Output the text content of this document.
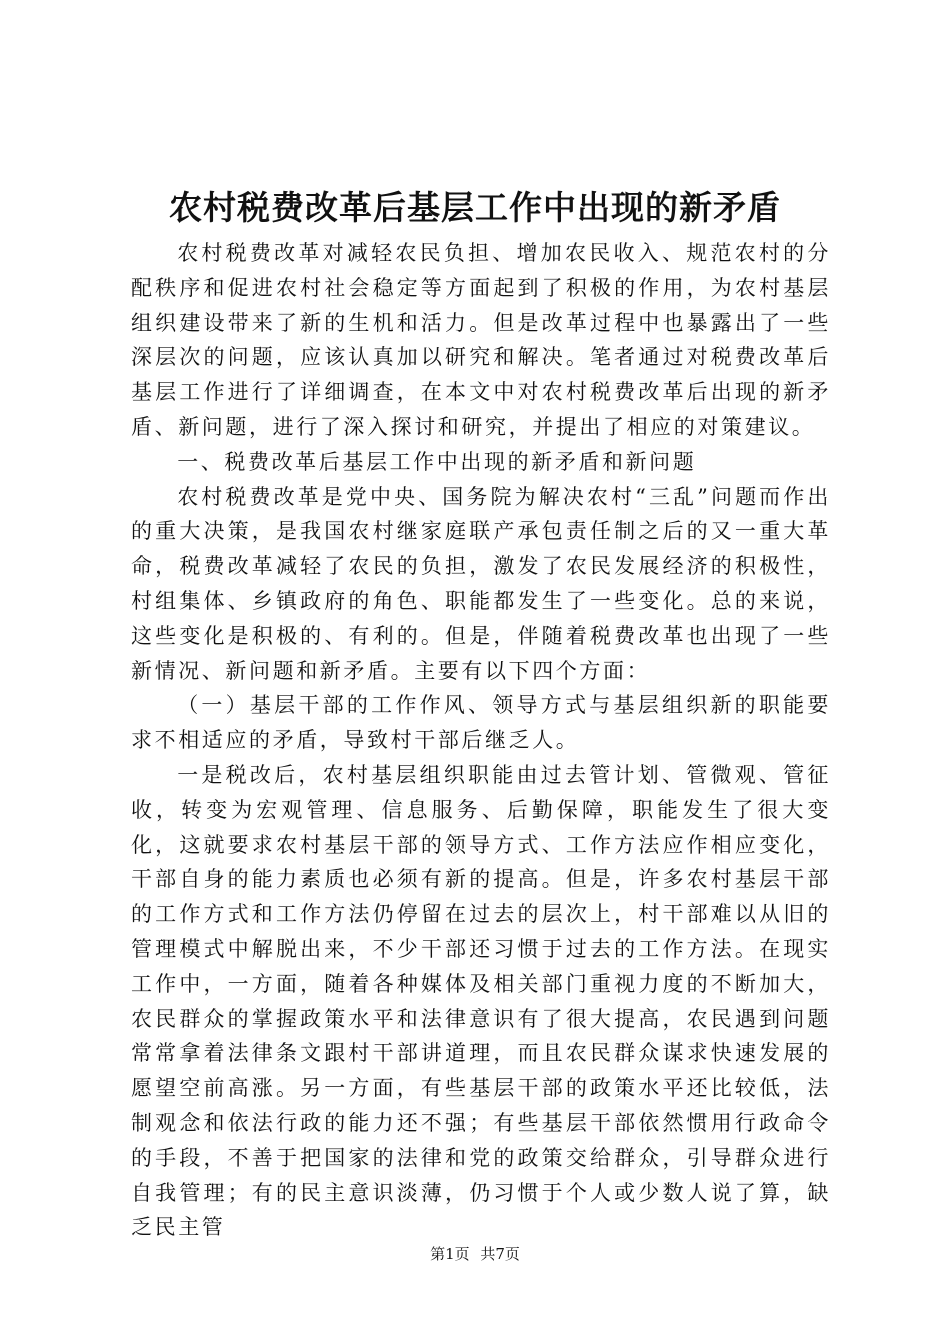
农村税费改革后基层工作中出现的新矛盾

农村税费改革对减轻农民负担、增加农民收入、规范农村的分配秩序和促进农村社会稳定等方面起到了积极的作用，为农村基层组织建设带来了新的生机和活力。但是改革过程中也暴露出了一些深层次的问题，应该认真加以研究和解决。笔者通过对税费改革后基层工作进行了详细调查，在本文中对农村税费改革后出现的新矛盾、新问题，进行了深入探讨和研究，并提出了相应的对策建议。

一、税费改革后基层工作中出现的新矛盾和新问题

农村税费改革是党中央、国务院为解决农村“三乱”问题而作出的重大决策，是我国农村继家庭联产承包责任制之后的又一重大革命，税费改革减轻了农民的负担，激发了农民发展经济的积极性，村组集体、乡镇政府的角色、职能都发生了一些变化。总的来说，这些变化是积极的、有利的。但是，伴随着税费改革也出现了一些新情况、新问题和新矛盾。主要有以下四个方面：

（一）基层干部的工作作风、领导方式与基层组织新的职能要求不相适应的矛盾，导致村干部后继乏人。

一是税改后，农村基层组织职能由过去管计划、管微观、管征收，转变为宏观管理、信息服务、后勤保障，职能发生了很大变化，这就要求农村基层干部的领导方式、工作方法应作相应变化，干部自身的能力素质也必须有新的提高。但是，许多农村基层干部的工作方式和工作方法仍停留在过去的层次上，村干部难以从旧的管理模式中解脱出来，不少干部还习惯于过去的工作方法。在现实工作中，一方面，随着各种媒体及相关部门重视力度的不断加大，农民群众的掌握政策水平和法律意识有了很大提高，农民遇到问题常常拿着法律条文跟村干部讲道理，而且农民群众谋求快速发展的愿望空前高涨。另一方面，有些基层干部的政策水平还比较低，法制观念和依法行政的能力还不强；有些基层干部依然惯用行政命令的手段，不善于把国家的法律和党的政策交给群众，引导群众进行自我管理；有的民主意识淡薄，仍习惯于个人或少数人说了算，缺乏民主管

第1页 共7页
